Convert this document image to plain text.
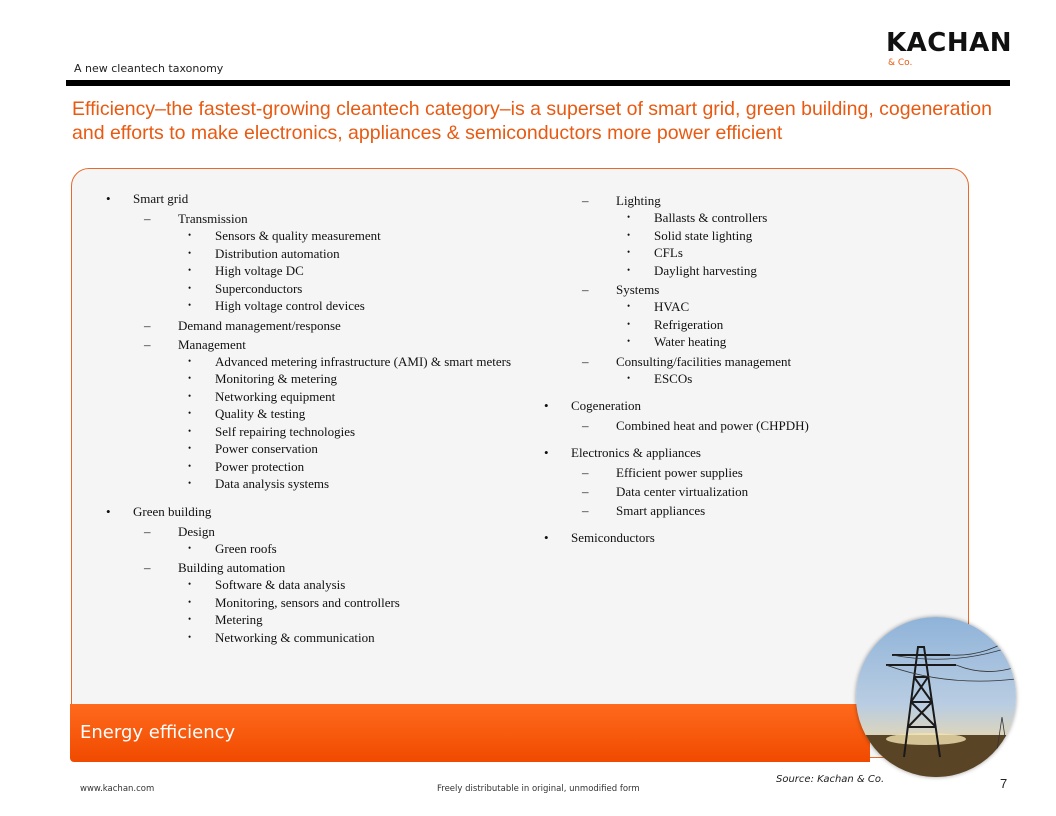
KACHAN
& Co.
A new cleantech taxonomy
Efficiency–the fastest-growing cleantech category–is a superset of smart grid, green building, cogeneration and efforts to make electronics, appliances & semiconductors more power efficient
• Smart grid
– Transmission
• Sensors & quality measurement
• Distribution automation
• High voltage DC
• Superconductors
• High voltage control devices
– Demand management/response
– Management
• Advanced metering infrastructure (AMI) & smart meters
• Monitoring & metering
• Networking equipment
• Quality & testing
• Self repairing technologies
• Power conservation
• Power protection
• Data analysis systems
• Green building
– Design
• Green roofs
– Building automation
• Software & data analysis
• Monitoring, sensors and controllers
• Metering
• Networking & communication
– Lighting
• Ballasts & controllers
• Solid state lighting
• CFLs
• Daylight harvesting
– Systems
• HVAC
• Refrigeration
• Water heating
– Consulting/facilities management
• ESCOs
• Cogeneration
– Combined heat and power (CHPDH)
• Electronics & appliances
– Efficient power supplies
– Data center virtualization
– Smart appliances
• Semiconductors
Energy efficiency
Source: Kachan & Co.	7
www.kachan.com	Freely distributable in original, unmodified form
